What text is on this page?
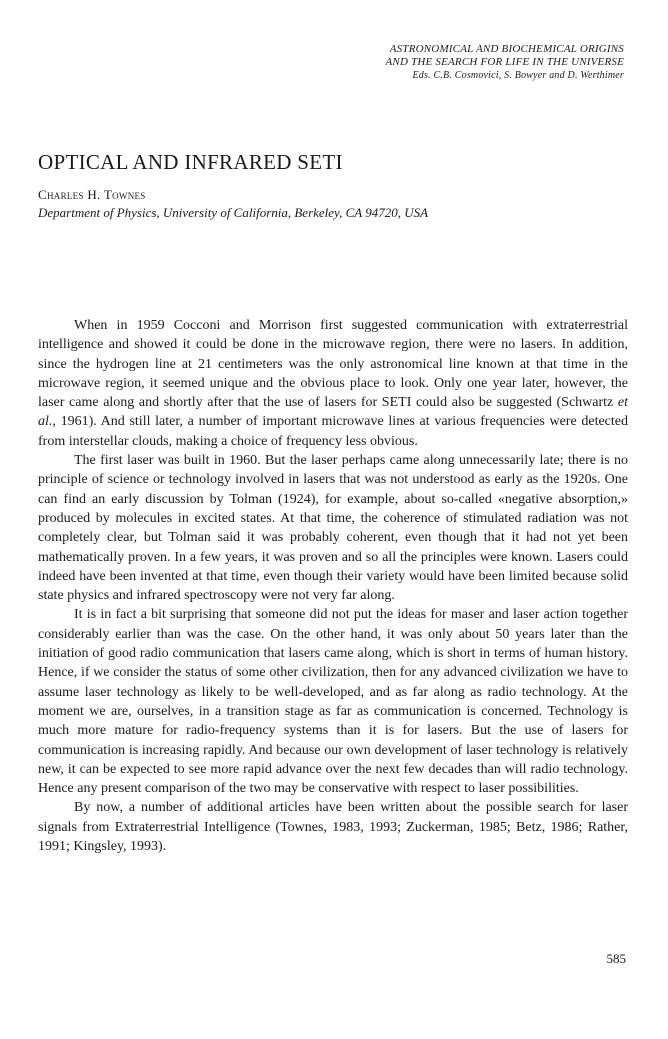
ASTRONOMICAL AND BIOCHEMICAL ORIGINS
AND THE SEARCH FOR LIFE IN THE UNIVERSE
Eds. C.B. Cosmovici, S. Bowyer and D. Werthimer
OPTICAL AND INFRARED SETI
Charles H. Townes
Department of Physics, University of California, Berkeley, CA 94720, USA

When in 1959 Cocconi and Morrison first suggested communication with extraterrestrial intelligence and showed it could be done in the microwave region, there were no lasers. In addition, since the hydrogen line at 21 centimeters was the only astronomical line known at that time in the microwave region, it seemed unique and the obvious place to look. Only one year later, however, the laser came along and shortly after that the use of lasers for SETI could also be suggested (Schwartz et al., 1961). And still later, a number of important microwave lines at various frequencies were detected from interstellar clouds, making a choice of frequency less obvious.

The first laser was built in 1960. But the laser perhaps came along unnecessarily late; there is no principle of science or technology involved in lasers that was not understood as early as the 1920s. One can find an early discussion by Tolman (1924), for example, about so-called «negative absorption,» produced by molecules in excited states. At that time, the coherence of stimulated radiation was not completely clear, but Tolman said it was probably coherent, even though that it had not yet been mathematically proven. In a few years, it was proven and so all the principles were known. Lasers could indeed have been invented at that time, even though their variety would have been limited because solid state physics and infrared spectroscopy were not very far along.

It is in fact a bit surprising that someone did not put the ideas for maser and laser action together considerably earlier than was the case. On the other hand, it was only about 50 years later than the initiation of good radio communication that lasers came along, which is short in terms of human history. Hence, if we consider the status of some other civilization, then for any advanced civilization we have to assume laser technology as likely to be well-developed, and as far along as radio technology. At the moment we are, ourselves, in a transition stage as far as communication is concerned. Technology is much more mature for radio-frequency systems than it is for lasers. But the use of lasers for communication is increasing rapidly. And because our own development of laser technology is relatively new, it can be expected to see more rapid advance over the next few decades than will radio technology. Hence any present comparison of the two may be conservative with respect to laser possibilities.

By now, a number of additional articles have been written about the possible search for laser signals from Extraterrestrial Intelligence (Townes, 1983, 1993; Zuckerman, 1985; Betz, 1986; Rather, 1991; Kingsley, 1993).

585
